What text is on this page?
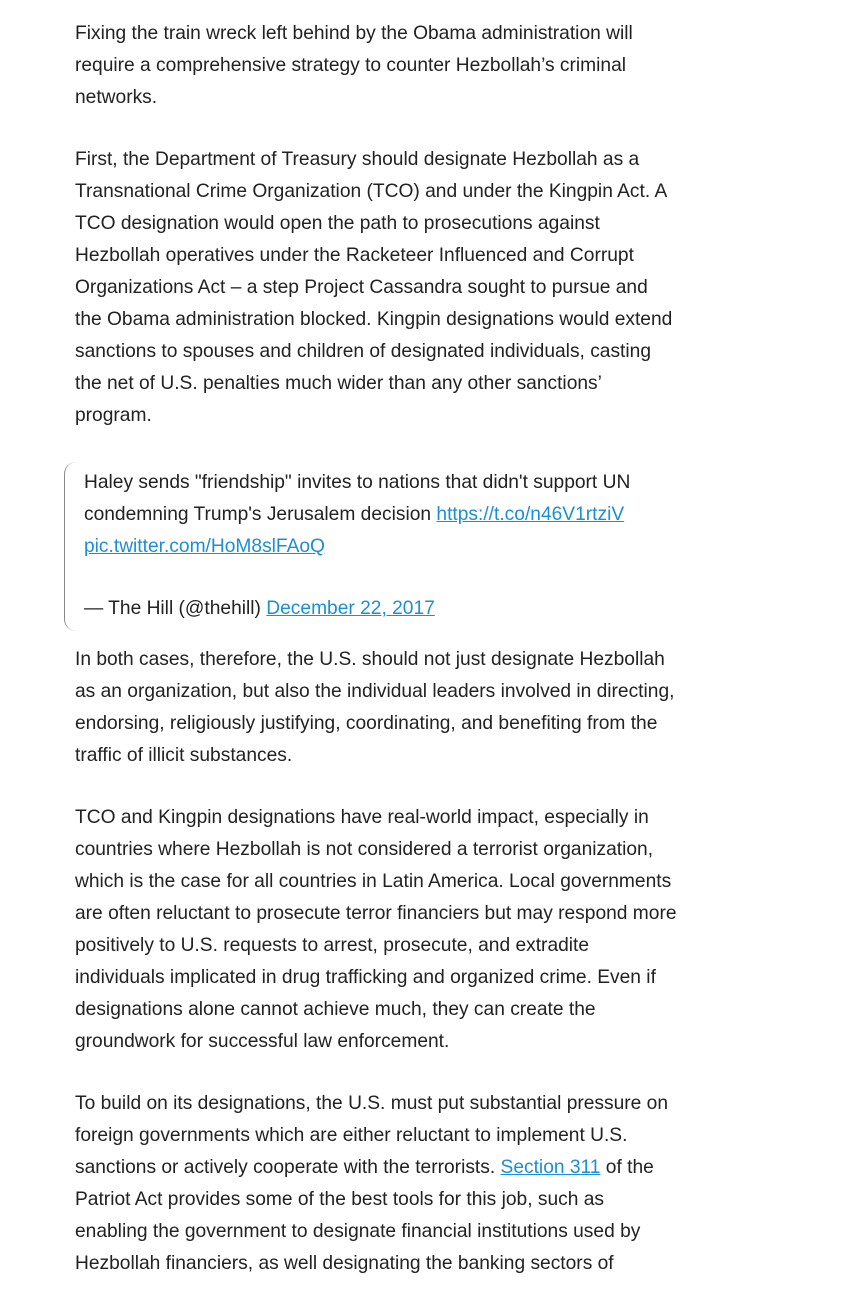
Fixing the train wreck left behind by the Obama administration will require a comprehensive strategy to counter Hezbollah’s criminal networks.

First, the Department of Treasury should designate Hezbollah as a Transnational Crime Organization (TCO) and under the Kingpin Act. A TCO designation would open the path to prosecutions against Hezbollah operatives under the Racketeer Influenced and Corrupt Organizations Act – a step Project Cassandra sought to pursue and the Obama administration blocked. Kingpin designations would extend sanctions to spouses and children of designated individuals, casting the net of U.S. penalties much wider than any other sanctions’ program.

Haley sends "friendship" invites to nations that didn't support UN condemning Trump's Jerusalem decision https://t.co/n46V1rtziV pic.twitter.com/HoM8slFAoQ

— The Hill (@thehill) December 22, 2017

In both cases, therefore, the U.S. should not just designate Hezbollah as an organization, but also the individual leaders involved in directing, endorsing, religiously justifying, coordinating, and benefiting from the traffic of illicit substances.

TCO and Kingpin designations have real-world impact, especially in countries where Hezbollah is not considered a terrorist organization, which is the case for all countries in Latin America. Local governments are often reluctant to prosecute terror financiers but may respond more positively to U.S. requests to arrest, prosecute, and extradite individuals implicated in drug trafficking and organized crime. Even if designations alone cannot achieve much, they can create the groundwork for successful law enforcement.

To build on its designations, the U.S. must put substantial pressure on foreign governments which are either reluctant to implement U.S. sanctions or actively cooperate with the terrorists. Section 311 of the Patriot Act provides some of the best tools for this job, such as enabling the government to designate financial institutions used by Hezbollah financiers, as well designating the banking sectors of
